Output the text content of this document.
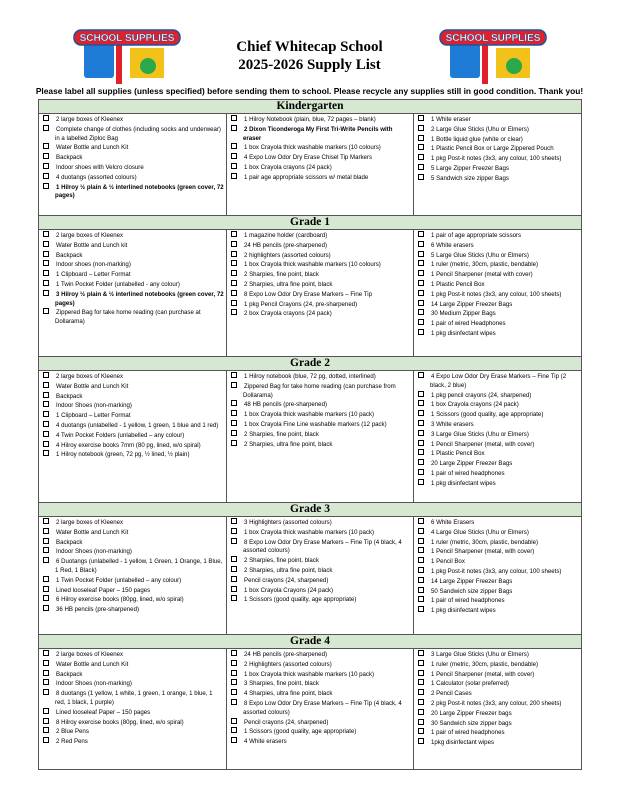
SCHOOL SUPPLIES	SCHOOL SUPPLIES
Chief Whitecap School
2025-2026 Supply List
Please label all supplies (unless specified) before sending them to school. Please recycle any supplies still in good condition. Thank you!
Kindergarten
2 large boxes of Kleenex
Complete change of clothes (including socks and underwear) in a labelled Ziploc Bag
Water Bottle and Lunch Kit
Backpack
Indoor shoes with Velcro closure
4 duotangs (assorted colours)
1 Hilroy ½ plain & ½ interlined notebooks (green cover, 72 pages)
1 Hilroy Notebook (plain, blue, 72 pages – blank)
2 Dixon Ticonderoga My First Tri-Write Pencils with eraser
1 box Crayola thick washable markers (10 colours)
4 Expo Low Odor Dry Erase Chisel Tip Markers
1 box Crayola crayons (24 pack)
1 pair age appropriate scissors w/ metal blade
1 White eraser
2 Large Glue Sticks (Uhu or Elmers)
1 Bottle liquid glue (white or clear)
1 Plastic Pencil Box or Large Zippered Pouch
1 pkg Post-it notes (3x3, any colour, 100 sheets)
5 Large Zipper Freezer Bags
5 Sandwich size zipper Bags
Grade 1
2 large boxes of Kleenex
Water Bottle and Lunch kit
Backpack
Indoor shoes (non-marking)
1 Clipboard – Letter Format
1 Twin Pocket Folder (unlabelled - any colour)
3 Hilroy ½ plain & ½ interlined notebooks (green cover, 72 pages)
Zippered Bag for take home reading (can purchase at Dollarama)
1 magazine holder (cardboard)
24 HB pencils (pre-sharpened)
2 highlighters (assorted colours)
1 box Crayola thick washable markers (10 colours)
2 Sharpies, fine point, black
2 Sharpies, ultra fine point, black
8 Expo Low Odor Dry Erase Markers – Fine Tip
1 pkg Pencil Crayons (24, pre-sharpened)
2 box Crayola crayons (24 pack)
1 pair of age appropriate scissors
6 White erasers
5 Large Glue Sticks (Uhu or Elmers)
1 ruler (metric, 30cm, plastic, bendable)
1 Pencil Sharpener (metal with cover)
1 Plastic Pencil Box
1 pkg Post-it notes (3x3, any colour, 100 sheets)
14 Large Zipper Freezer Bags
30 Medium Zipper Bags
1 pair of wired Headphones
1 pkg disinfectant wipes
Grade 2
2 large boxes of Kleenex
Water Bottle and Lunch Kit
Backpack
Indoor Shoes (non-marking)
1 Clipboard – Letter Format
4 duotangs (unlabelled - 1 yellow, 1 green, 1 blue and 1 red)
4 Twin Pocket Folders (unlabelled – any colour)
4 Hilroy exercise books 7mm (80 pg, lined, w/o spiral)
1 Hilroy notebook (green, 72 pg, ½ lined, ½ plain)
1 Hilroy notebook (blue, 72 pg, dotted, interlined)
Zippered Bag for take home reading (can purchase from Dollarama)
48 HB pencils (pre-sharpened)
1 box Crayola thick washable markers (10 pack)
1 box Crayola Fine Line washable markers (12 pack)
2 Sharpies, fine point, black
2 Sharpies, ultra fine point, black
4 Expo Low Odor Dry Erase Markers – Fine Tip (2 black, 2 blue)
1 pkg pencil crayons (24, sharpened)
1 box Crayola crayons (24 pack)
1 Scissors (good quality, age appropriate)
3 White erasers
3 Large Glue Sticks (Uhu or Elmers)
1 Pencil Sharpener (metal, with cover)
1 Plastic Pencil Box
20 Large Zipper Freezer Bags
1 pair of wired headphones
1 pkg disinfectant wipes
Grade 3
2 large boxes of Kleenex
Water Bottle and Lunch Kit
Backpack
Indoor Shoes (non-marking)
6 Duotangs (unlabelled - 1 yellow, 1 Green, 1 Orange, 1 Blue, 1 Red, 1 Black)
1 Twin Pocket Folder (unlabelled – any colour)
Lined looseleaf Paper – 150 pages
6 Hilroy exercise books (80pg, lined, w/o spiral)
36 HB pencils (pre-sharpened)
3 Highlighters (assorted colours)
1 box Crayola thick washable markers (10 pack)
8 Expo Low Odor Dry Erase Markers – Fine Tip (4 black, 4 assorted colours)
2 Sharpies, fine point, black
2 Sharpies, ultra fine point, black
Pencil crayons (24, sharpened)
1 box Crayola Crayons (24 pack)
1 Scissors (good quality, age appropriate)
6 White Erasers
4 Large Glue Sticks (Uhu or Elmers)
1 ruler (metric, 30cm, plastic, bendable)
1 Pencil Sharpener (metal, with cover)
1 Pencil Box
1 pkg Post-it notes (3x3, any colour, 100 sheets)
14 Large Zipper Freezer Bags
50 Sandwich size zipper Bags
1 pair of wired headphones
1 pkg disinfectant wipes
Grade 4
2 large boxes of Kleenex
Water Bottle and Lunch Kit
Backpack
Indoor Shoes (non-marking)
8 duotangs (1 yellow, 1 white, 1 green, 1 orange, 1 blue, 1 red, 1 black, 1 purple)
Lined looseleaf Paper – 150 pages
8 Hilroy exercise books (80pg, lined, w/o spiral)
2 Blue Pens
2 Red Pens
24 HB pencils (pre-sharpened)
2 Highlighters (assorted colours)
1 box Crayola thick washable markers (10 pack)
3 Sharpies, fine point, black
4 Sharpies, ultra fine point, black
8 Expo Low Odor Dry Erase Markers – Fine Tip (4 black, 4 assorted colours)
Pencil crayons (24, sharpened)
1 Scissors (good quality, age appropriate)
4 White erasers
3 Large Glue Sticks (Uhu or Elmers)
1 ruler (metric, 30cm, plastic, bendable)
1 Pencil Sharpener (metal, with cover)
1 Calculator (solar preferred)
2 Pencil Cases
2 pkg Post-it notes (3x3, any colour, 200 sheets)
20 Large Zipper Freezer bags
30 Sandwich size zipper bags
1 pair of wired headphones
1pkg disinfectant wipes
